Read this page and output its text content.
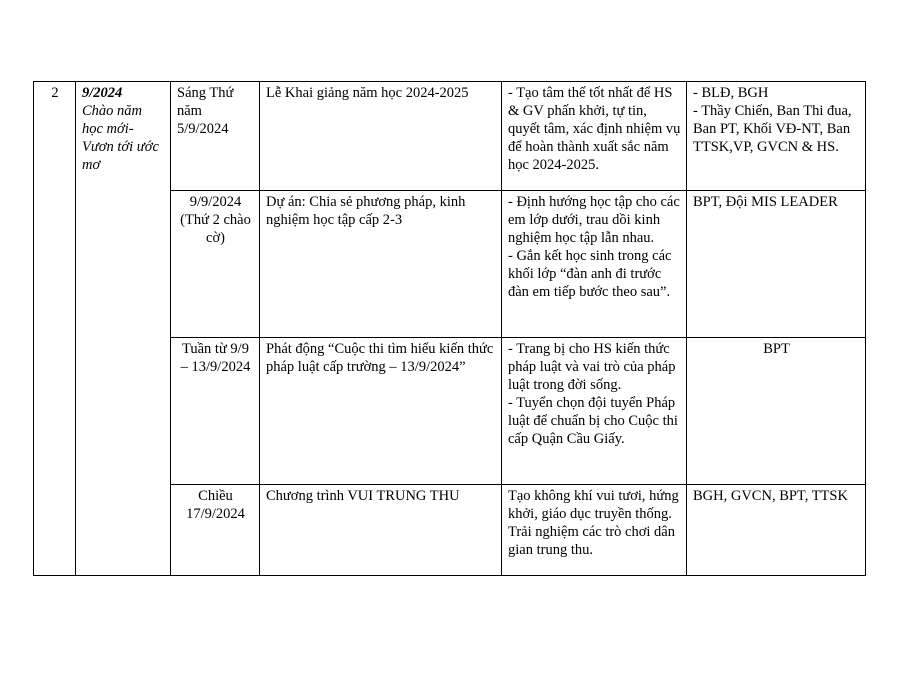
2	9/2024
Chào năm học mới- Vươn tới ước mơ	Sáng Thứ năm 5/9/2024	Lễ Khai giảng năm học 2024-2025	- Tạo tâm thế tốt nhất để HS & GV phấn khởi, tự tin, quyết tâm, xác định nhiệm vụ để hoàn thành xuất sắc năm học 2024-2025.	- BLĐ, BGH
- Thầy Chiến, Ban Thi đua, Ban PT, Khối VĐ-NT, Ban TTSK,VP, GVCN & HS.

		9/9/2024 (Thứ 2 chào cờ)	Dự án: Chia sẻ phương pháp, kinh nghiệm học tập cấp 2-3	- Định hướng học tập cho các em lớp dưới, trau dồi kinh nghiệm học tập lẫn nhau.
- Gắn kết học sinh trong các khối lớp “đàn anh đi trước đàn em tiếp bước theo sau”.	BPT, Đội MIS LEADER

		Tuần từ 9/9 – 13/9/2024	Phát động “Cuộc thi tìm hiểu kiến thức pháp luật cấp trường – 13/9/2024”	- Trang bị cho HS kiến thức pháp luật và vai trò của pháp luật trong đời sống.
- Tuyển chọn đội tuyển Pháp luật để chuẩn bị cho Cuộc thi cấp Quận Cầu Giấy.	BPT

		Chiều 17/9/2024	Chương trình VUI TRUNG THU	Tạo không khí vui tươi, hứng khởi, giáo dục truyền thống.
Trải nghiệm các trò chơi dân gian trung thu.	BGH, GVCN, BPT, TTSK
